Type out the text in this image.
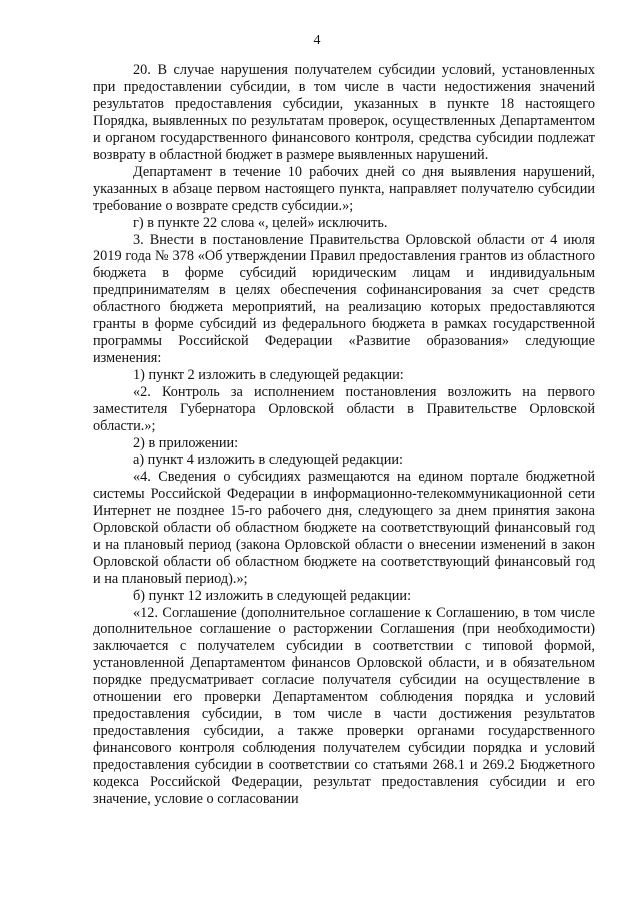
4

20. В случае нарушения получателем субсидии условий, установленных при предоставлении субсидии, в том числе в части недостижения значений результатов предоставления субсидии, указанных в пункте 18 настоящего Порядка, выявленных по результатам проверок, осуществленных Департаментом и органом государственного финансового контроля, средства субсидии подлежат возврату в областной бюджет в размере выявленных нарушений.

Департамент в течение 10 рабочих дней со дня выявления нарушений, указанных в абзаце первом настоящего пункта, направляет получателю субсидии требование о возврате средств субсидии.»;

г) в пункте 22 слова «, целей» исключить.

3. Внести в постановление Правительства Орловской области от 4 июля 2019 года № 378 «Об утверждении Правил предоставления грантов из областного бюджета в форме субсидий юридическим лицам и индивидуальным предпринимателям в целях обеспечения софинансирования за счет средств областного бюджета мероприятий, на реализацию которых предоставляются гранты в форме субсидий из федерального бюджета в рамках государственной программы Российской Федерации «Развитие образования» следующие изменения:

1) пункт 2 изложить в следующей редакции:

«2. Контроль за исполнением постановления возложить на первого заместителя Губернатора Орловской области в Правительстве Орловской области.»;

2) в приложении:

а) пункт 4 изложить в следующей редакции:

«4. Сведения о субсидиях размещаются на едином портале бюджетной системы Российской Федерации в информационно-телекоммуникационной сети Интернет не позднее 15-го рабочего дня, следующего за днем принятия закона Орловской области об областном бюджете на соответствующий финансовый год и на плановый период (закона Орловской области о внесении изменений в закон Орловской области об областном бюджете на соответствующий финансовый год и на плановый период).»;

б) пункт 12 изложить в следующей редакции:

«12. Соглашение (дополнительное соглашение к Соглашению, в том числе дополнительное соглашение о расторжении Соглашения (при необходимости) заключается с получателем субсидии в соответствии с типовой формой, установленной Департаментом финансов Орловской области, и в обязательном порядке предусматривает согласие получателя субсидии на осуществление в отношении его проверки Департаментом соблюдения порядка и условий предоставления субсидии, в том числе в части достижения результатов предоставления субсидии, а также проверки органами государственного финансового контроля соблюдения получателем субсидии порядка и условий предоставления субсидии в соответствии со статьями 268.1 и 269.2 Бюджетного кодекса Российской Федерации, результат предоставления субсидии и его значение, условие о согласовании
